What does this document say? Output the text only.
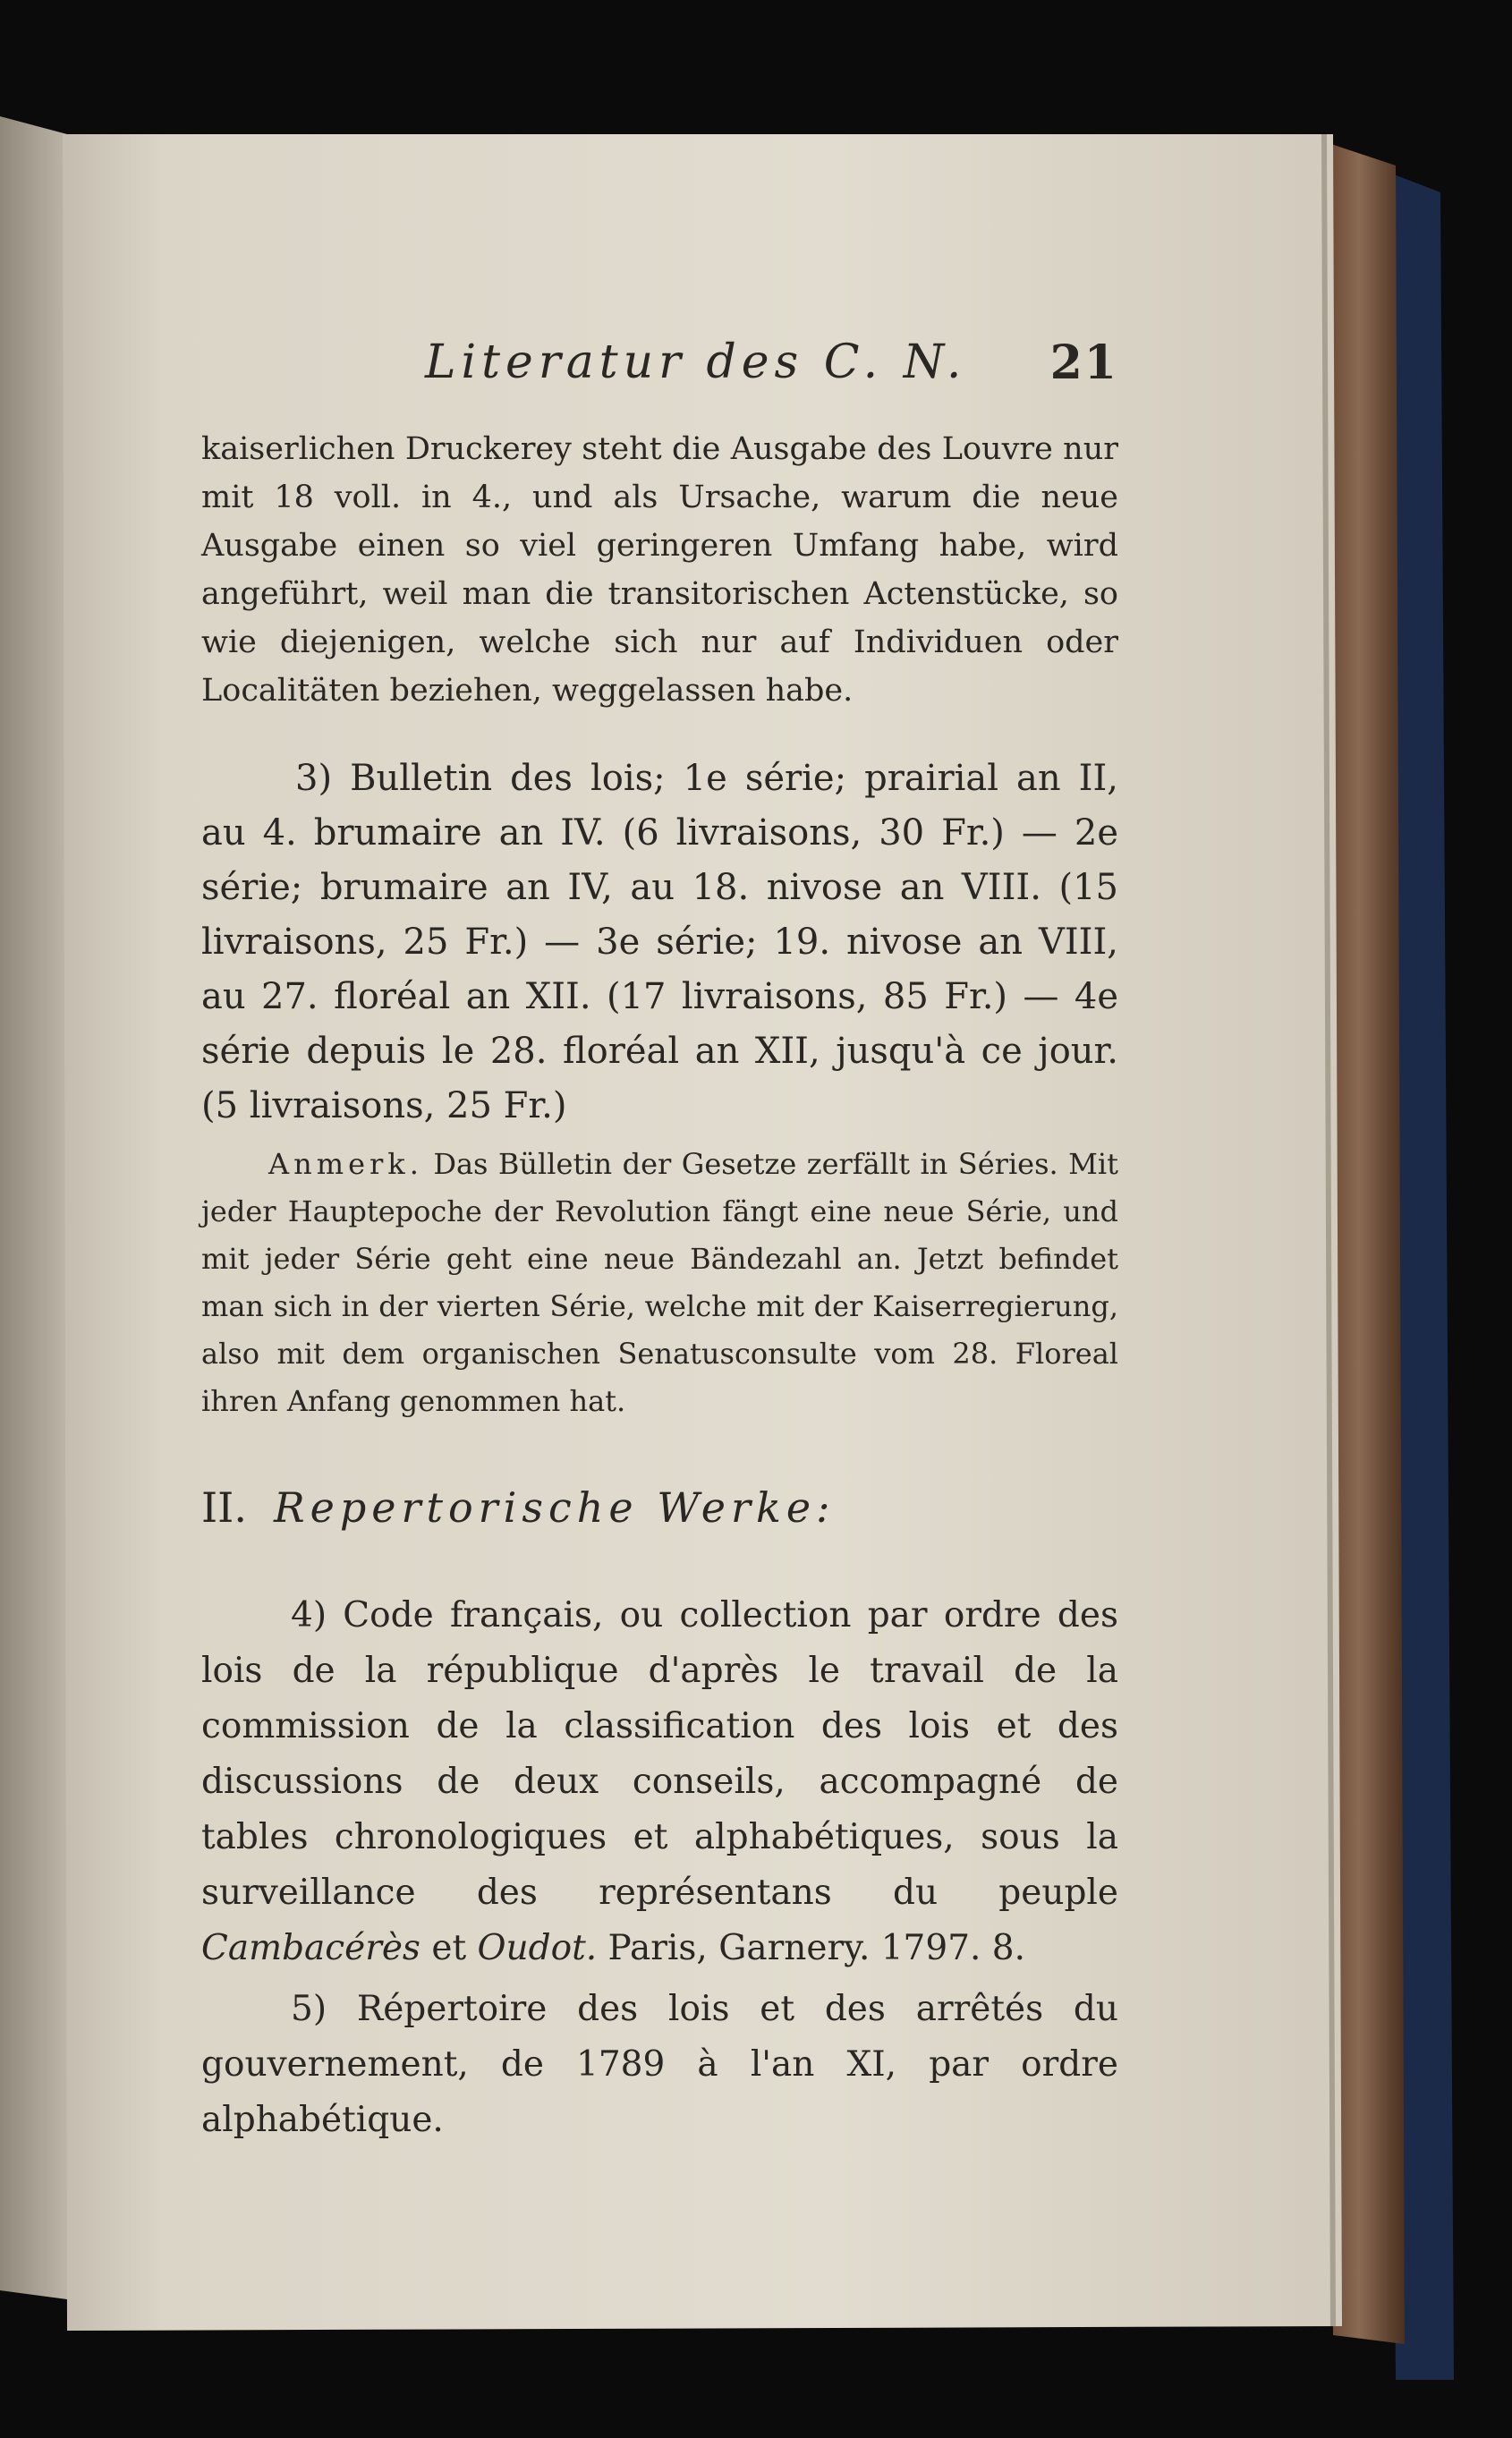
Literatur des C. N. 21

kaiserlichen Druckerey steht die Ausgabe des Louvre nur mit 18 voll. in 4., und als Ursache, warum die neue Ausgabe einen so viel geringeren Umfang habe, wird angeführt, weil man die transitorischen Actenstücke, so wie diejenigen, welche sich nur auf Individuen oder Localitäten beziehen, weggelassen habe.

3) Bulletin des lois; 1e série; prairial an II, au 4. brumaire an IV. (6 livraisons, 30 Fr.) — 2e série; brumaire an IV, au 18. nivose an VIII. (15 livraisons, 25 Fr.) — 3e série; 19. nivose an VIII, au 27. floréal an XII. (17 livraisons, 85 Fr.) — 4e série depuis le 28. floréal an XII, jusqu'à ce jour. (5 livraisons, 25 Fr.)

Anmerk. Das Bülletin der Gesetze zerfällt in Séries. Mit jeder Hauptepoche der Revolution fängt eine neue Série, und mit jeder Série geht eine neue Bändezahl an. Jetzt befindet man sich in der vierten Série, welche mit der Kaiserregierung, also mit dem organischen Senatusconsulte vom 28. Floreal ihren Anfang genommen hat.

II. Repertorische Werke:

4) Code français, ou collection par ordre des lois de la république d'après le travail de la commission de la classification des lois et des discussions de deux conseils, accompagné de tables chronologiques et alphabétiques, sous la surveillance des représentans du peuple Cambacérès et Oudot. Paris, Garnery. 1797. 8.

5) Répertoire des lois et des arrêtés du gouvernement, de 1789 à l'an XI, par ordre alphabétique.
